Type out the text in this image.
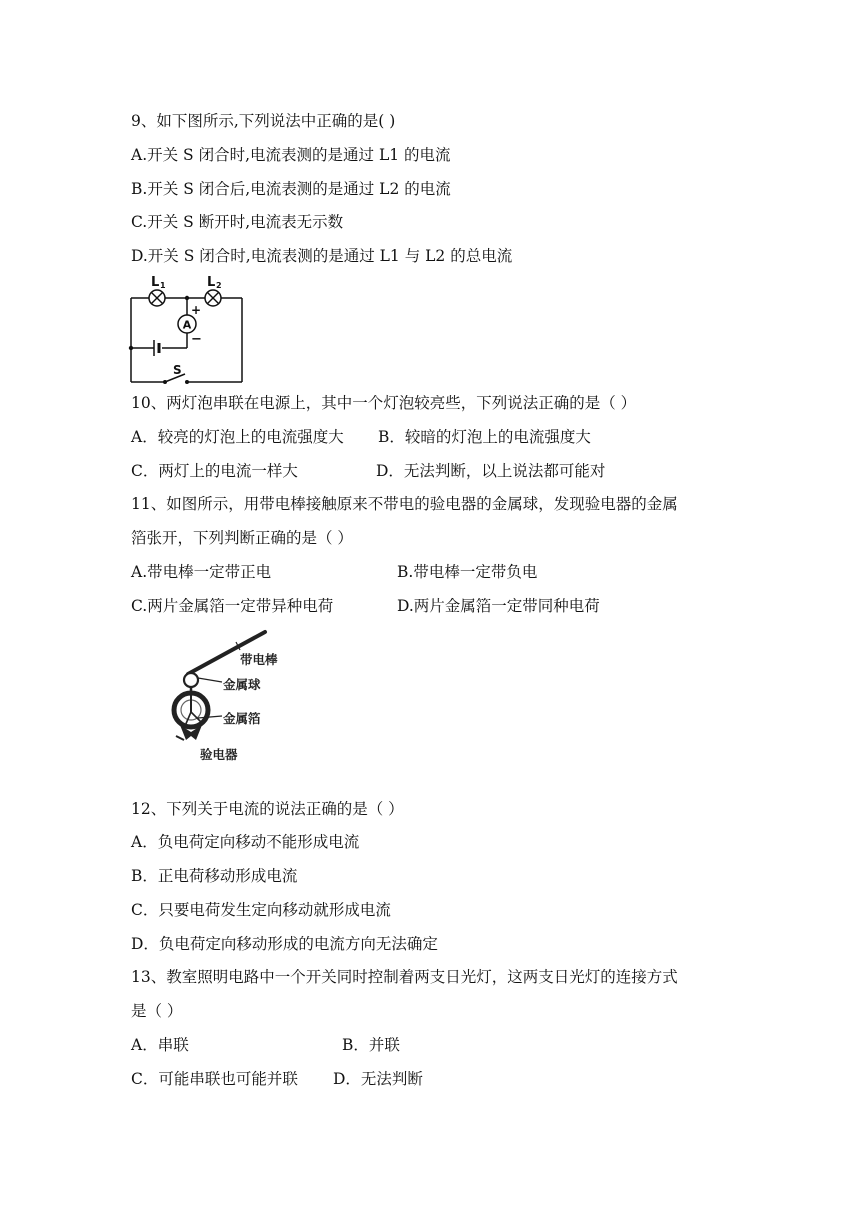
9、如下图所示,下列说法中正确的是( )
A.开关 S 闭合时,电流表测的是通过 L1 的电流
B.开关 S 闭合后,电流表测的是通过 L2 的电流
C.开关 S 断开时,电流表无示数
D.开关 S 闭合时,电流表测的是通过 L1 与 L2 的总电流
A
+
−
L 1	L 2
S
10、两灯泡串联在电源上，其中一个灯泡较亮些，下列说法正确的是（ ）
A．较亮的灯泡上的电流强度大 B．较暗的灯泡上的电流强度大
C．两灯上的电流一样大	D．无法判断，以上说法都可能对
11、如图所示，用带电棒接触原来不带电的验电器的金属球，发现验电器的金属
箔张开，下列判断正确的是（ ）
A.带电棒一定带正电	B.带电棒一定带负电
C.两片金属箔一定带异种电荷	D.两片金属箔一定带同种电荷
带电棒
金属球
金属箔
验电器
12、下列关于电流的说法正确的是（ ）
A．负电荷定向移动不能形成电流
B．正电荷移动形成电流
C．只要电荷发生定向移动就形成电流
D．负电荷定向移动形成的电流方向无法确定
13、教室照明电路中一个开关同时控制着两支日光灯，这两支日光灯的连接方式
是（ ）
A．串联	B．并联
C．可能串联也可能并联 D．无法判断
